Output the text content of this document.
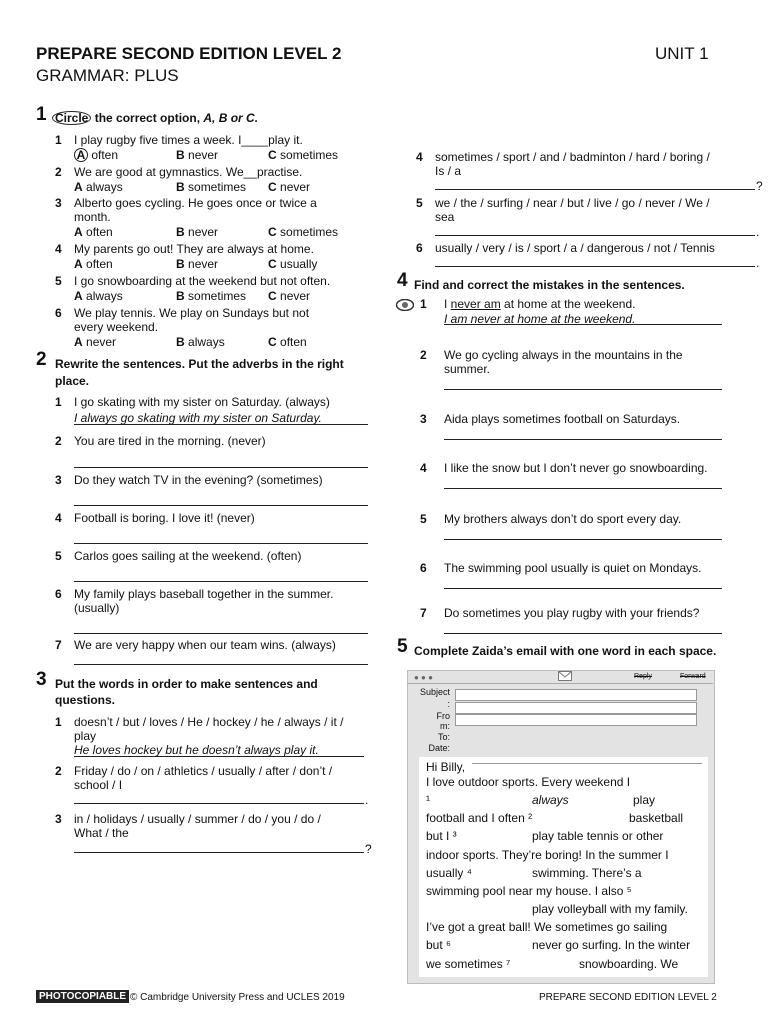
PREPARE SECOND EDITION LEVEL 2
GRAMMAR: PLUS
UNIT 1
1 Circle the correct option, A, B or C.
2 Rewrite the sentences. Put the adverbs in the right
place.
3 Put the words in order to make sentences and
questions.
4 Find and correct the mistakes in the sentences.
5 Complete Zaida’s email with one word in each space.
● ● ●	Reply	Forward
Subject
:
Fro
m:
To:
Date:
Hi Billy,
I love outdoor sports. Every weekend I
¹	always	play
football and I often ²	basketball
but I ³	play table tennis or other
indoor sports. They’re boring! In the summer I
usually ⁴	swimming. There’s a
swimming pool near my house. I also ⁵
play volleyball with my family.
I’ve got a great ball! We sometimes go sailing
but ⁶	never go surfing. In the winter
we sometimes ⁷	snowboarding. We
PHOTOCOPIABLE © Cambridge University Press and UCLES 2019	PREPARE SECOND EDITION LEVEL 2
1 I play rugby five times a week. I____play it.
A often	B never	C sometimes
2 We are good at gymnastics. We__practise.
A always	B sometimes C never
3 Alberto goes cycling. He goes once or twice a
month.
A often	B never	C sometimes
4 My parents go out! They are always at home.
A often	B never	C usually
5 I go snowboarding at the weekend but not often.
A always	B sometimes C never
6 We play tennis. We play on Sundays but not
every weekend.
A never	B always	C often
1 I go skating with my sister on Saturday. (always)
I always go skating with my sister on Saturday.
2 You are tired in the morning. (never)
3 Do they watch TV in the evening? (sometimes)
4 Football is boring. I love it! (never)
5 Carlos goes sailing at the weekend. (often)
6 My family plays baseball together in the summer.
(usually)
7 We are very happy when our team wins. (always)
1 doesn’t / but / loves / He / hockey / he / always / it /
play
He loves hockey but he doesn’t always play it.
2 Friday / do / on / athletics / usually / after / don’t /
school / I
.
3 in / holidays / usually / summer / do / you / do /
What / the
?
4 sometimes / sport / and / badminton / hard / boring /
Is / a
?
5 we / the / surfing / near / but / live / go / never / We /
sea
.
6 usually / very / is / sport / a / dangerous / not / Tennis
.
1 I never am at home at the weekend.
I am never at home at the weekend.
2 We go cycling always in the mountains in the
summer.
3 Aida plays sometimes football on Saturdays.
4 I like the snow but I don’t never go snowboarding.
5 My brothers always don’t do sport every day.
6 The swimming pool usually is quiet on Mondays.
7 Do sometimes you play rugby with your friends?
